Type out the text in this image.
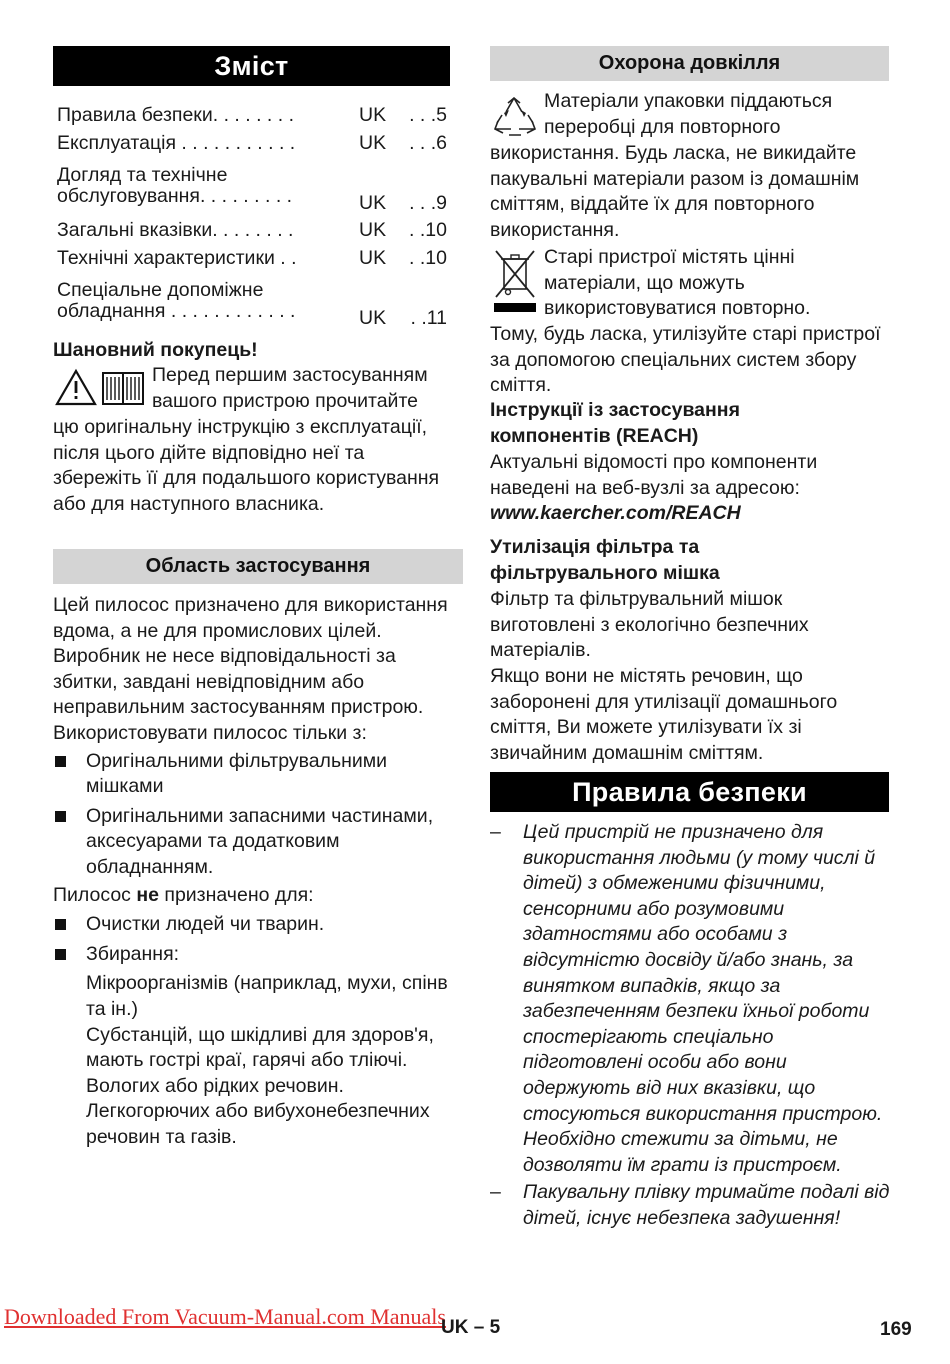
Зміст
Правила безпеки. . . . . . . .	UK	. . .5
Експлуатація . . . . . . . . . . .	UK	. . .6
Догляд та технічне
обслуговування. . . . . . . . .	UK	. . .9
Загальні вказівки. . . . . . . .	UK	. .10
Технічні характеристики . .	UK	. .10
Спеціальне допоміжне
обладнання . . . . . . . . . . . .	UK	. .11

Шановний покупець!

Перед першим застосуванням
вашого пристрою прочитайте

цю оригінальну інструкцію з експлуатації, після цього дійте відповідно неї та збережіть її для подальшого користування або для наступного власника.

Область застосування

Цей пилосос призначено для використання вдома, а не для промислових цілей.

Виробник не несе відповідальності за збитки, завдані невідповідним або неправильним застосуванням пристрою.

Використовувати пилосос тільки з:

Оригінальними фільтрувальними мішками
Оригінальними запасними частинами, аксесуарами та додатковим обладнанням.

Пилосос не призначено для:

Очистки людей чи тварин.
Збирання:

Мікроорганізмів (наприклад, мухи, спінв та ін.)

Субстанцій, що шкідливі для здоров'я, мають гострі краї, гарячі або тліючі.

Вологих або рідких речовин.

Легкогорючих або вибухонебезпечних речовин та газів.

Охорона довкілля
Матеріали упаковки піддаються
переробці для повторного

використання. Будь ласка, не викидайте пакувальні матеріали разом із домашнім сміттям, віддайте їх для повторного використання.

Старі пристрої містять цінні
матеріали, що можуть
використовуватися повторно.

Тому, будь ласка, утилізуйте старі пристрої за допомогою спеціальних систем збору сміття.

Інструкції із застосування компонентів (REACH)

Актуальні відомості про компоненти наведені на веб-вузлі за адресою:

www.kaercher.com/REACH

Утилізація фільтра та фільтрувального мішка

Фільтр та фільтрувальний мішок виготовлені з екологічно безпечних матеріалів.

Якщо вони не містять речовин, що заборонені для утилізації домашнього сміття, Ви можете утилізувати їх зі звичайним домашнім сміттям.

Правила безпеки
– Цей пристрій не призначено для використання людьми (у тому числі й дітей) з обмеженими фізичними, сенсорними або розумовими здатностями або особами з відсутністю досвіду й/або знань, за винятком випадків, якщо за забезпеченням безпеки їхньої роботи спостерігають спеціально підготовлені особи або вони одержують від них вказівки, що стосуються використання пристрою. Необхідно стежити за дітьми, не дозволяти їм грати із пристроєм.
– Пакувальну плівку тримайте подалі від дітей, існує небезпека задушення!
Downloaded From Vacuum-Manual.com Manuals
UK – 5	169
